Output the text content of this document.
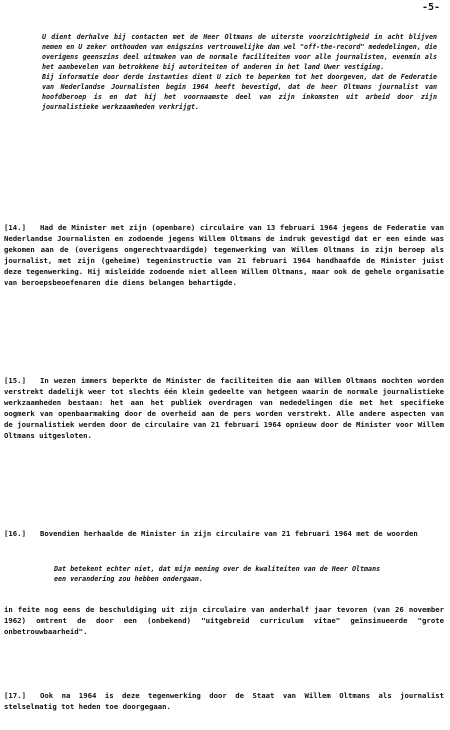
-5-

U dient derhalve bij contacten met de Heer Oltmans de uiterste voorzichtigheid in acht blijven nemen en U zeker onthouden van enigszins vertrouwelijke dan wel "off-the-record" mededelingen, die overigens geenszins deel uitmaken van de normale faciliteiten voor alle journalisten, evenmin als het aanbevelen van betrokkene bij autoriteiten of anderen in het land Uwer vestiging.

Bij informatie door derde instanties dient U zich te beperken tot het doorgeven, dat de Federatie van Nederlandse Journalisten begin 1964 heeft bevestigd, dat de heer Oltmans journalist van hoofdberoep is en dat hij het voornaamste deel van zijn inkomsten uit arbeid door zijn journalistieke werkzaamheden verkrijgt.

[14.] Had de Minister met zijn (openbare) circulaire van 13 februari 1964 jegens de Federatie van Nederlandse Journalisten en zodoende jegens Willem Oltmans de indruk gevestigd dat er een einde was gekomen aan de (overigens ongerechtvaardigde) tegenwerking van Willem Oltmans in zijn beroep als journalist, met zijn (geheime) tegeninstructie van 21 februari 1964 handhaafde de Minister juist deze tegenwerking. Hij misleidde zodoende niet alleen Willem Oltmans, maar ook de gehele organisatie van beroepsbeoefenaren die diens belangen behartigde.
[15.] In wezen immers beperkte de Minister de faciliteiten die aan Willem Oltmans mochten worden verstrekt dadelijk weer tot slechts één klein gedeelte van hetgeen waarin de normale journalistieke werkzaamheden bestaan: het aan het publiek overdragen van mededelingen die met het specifieke oogmerk van openbaarmaking door de overheid aan de pers worden verstrekt. Alle andere aspecten van de journalistiek werden door de circulaire van 21 februari 1964 opnieuw door de Minister voor Willem Oltmans uitgesloten.
[16.] Bovendien herhaalde de Minister in zijn circulaire van 21 februari 1964 met de woorden
Dat betekent echter niet, dat mijn mening over de kwaliteiten van de Heer Oltmans een verandering zou hebben ondergaan.
in feite nog eens de beschuldiging uit zijn circulaire van anderhalf jaar tevoren (van 26 november 1962) omtrent de door een (onbekend) "uitgebreid curriculum vitae" geïnsinueerde "grote onbetrouwbaarheid".
[17.] Ook na 1964 is deze tegenwerking door de Staat van Willem Oltmans als journalist stelselmatig tot heden toe doorgegaan.
